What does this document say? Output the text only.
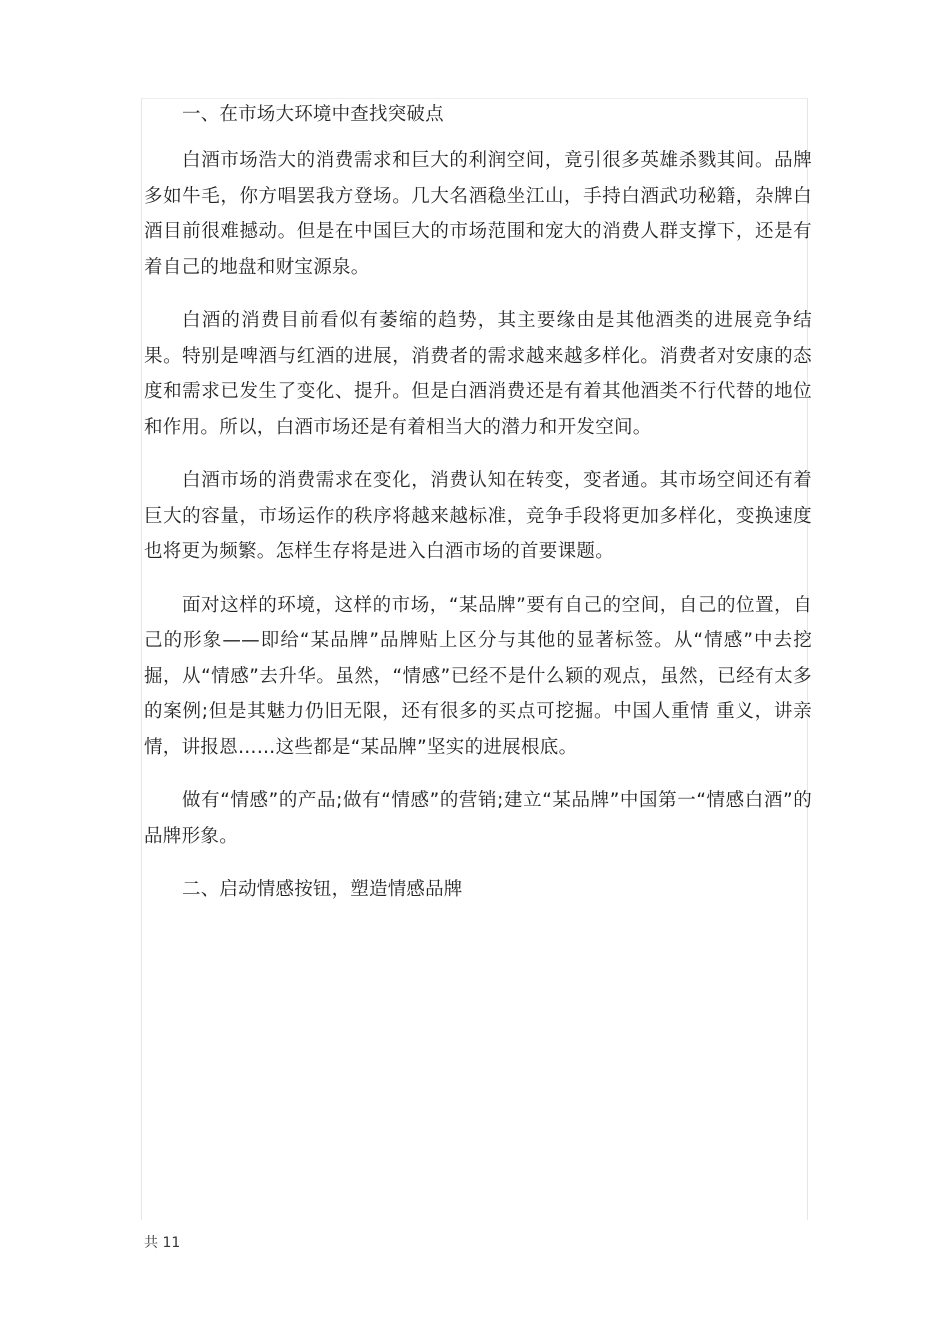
一、在市场大环境中查找突破点

白酒市场浩大的消费需求和巨大的利润空间，竟引很多英雄杀戮其间。品牌多如牛毛，你方唱罢我方登场。几大名酒稳坐江山，手持白酒武功秘籍，杂牌白酒目前很难撼动。但是在中国巨大的市场范围和宠大的消费人群支撑下，还是有着自己的地盘和财宝源泉。

白酒的消费目前看似有萎缩的趋势，其主要缘由是其他酒类的进展竞争结果。特别是啤酒与红酒的进展，消费者的需求越来越多样化。消费者对安康的态度和需求已发生了变化、提升。但是白酒消费还是有着其他酒类不行代替的地位和作用。所以，白酒市场还是有着相当大的潜力和开发空间。

白酒市场的消费需求在变化，消费认知在转变，变者通。其市场空间还有着巨大的容量，市场运作的秩序将越来越标准，竞争手段将更加多样化，变换速度也将更为频繁。怎样生存将是进入白酒市场的首要课题。

面对这样的环境，这样的市场，“某品牌”要有自己的空间，自己的位置，自己的形象——即给“某品牌”品牌贴上区分与其他的显著标签。从“情感”中去挖掘，从“情感”去升华。虽然，“情感”已经不是什么颖的观点，虽然，已经有太多的案例;但是其魅力仍旧无限，还有很多的买点可挖掘。中国人重情 重义，讲亲情，讲报恩……这些都是“某品牌”坚实的进展根底。

做有“情感”的产品;做有“情感”的营销;建立“某品牌”中国第一“情感白酒”的品牌形象。

二、启动情感按钮，塑造情感品牌

共 11
